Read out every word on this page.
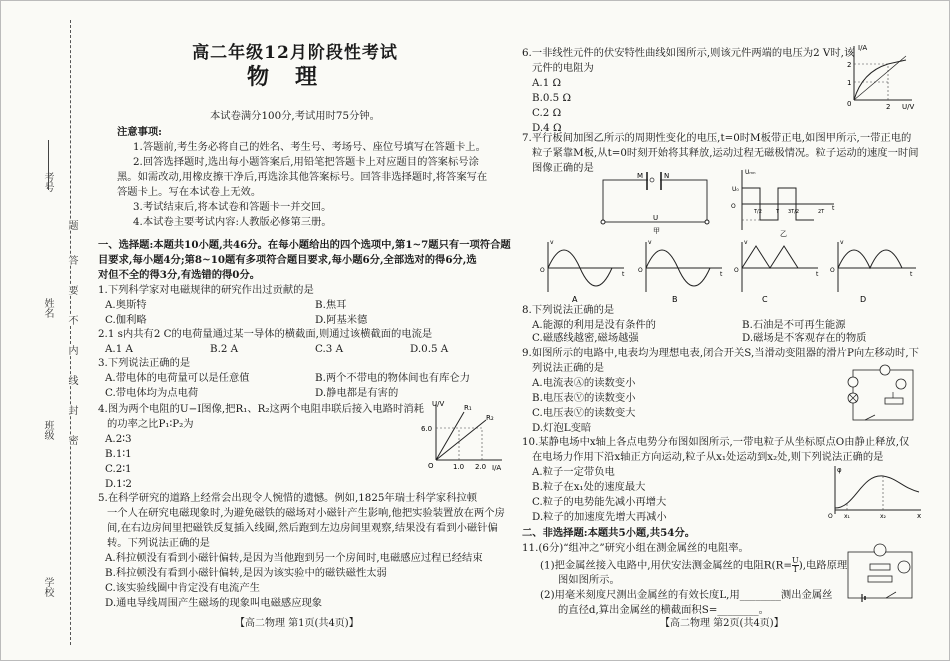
考号
姓名
班级
学校
题
答
要
不
内
线
封
密
高二年级12月阶段性考试
物理
本试卷满分100分,考试用时75分钟。
注意事项:
1.答题前,考生务必将自己的姓名、考生号、考场号、座位号填写在答题卡上。
2.回答选择题时,选出每小题答案后,用铅笔把答题卡上对应题目的答案标号涂
黑。如需改动,用橡皮擦干净后,再选涂其他答案标号。回答非选择题时,将答案写在
答题卡上。写在本试卷上无效。
3.考试结束后,将本试卷和答题卡一并交回。
4.本试卷主要考试内容:人教版必修第三册。
一、选择题:本题共10小题,共46分。在每小题给出的四个选项中,第1~7题只有一项符合题
目要求,每小题4分;第8~10题有多项符合题目要求,每小题6分,全部选对的得6分,选
对但不全的得3分,有选错的得0分。
1.下列科学家对电磁规律的研究作出过贡献的是
A.奥斯特	B.焦耳
C.伽利略	D.阿基米德
2.1 s内共有2 C的电荷量通过某一导体的横截面,则通过该横截面的电流是
A.1 A	B.2 A	C.3 A	D.0.5 A
3.下列说法正确的是
A.带电体的电荷量可以是任意值	B.两个不带电的物体间也有库仑力
C.带电体均为点电荷	D.静电都是有害的
4.图为两个电阻的U−I图像,把R₁、R₂这两个电阻串联后接入电路时消耗
的功率之比P₁∶P₂为
A.2∶3
B.1∶1
C.2∶1
D.1∶2
U/V
I/A
6.0
1.0 2.0
O
R₁
R₂
5.在科学研究的道路上经常会出现令人惋惜的遗憾。例如,1825年瑞士科学家科拉顿
一个人在研究电磁现象时,为避免磁铁的磁场对小磁针产生影响,他把实验装置放在两个房
间,在右边房间里把磁铁反复插入线圈,然后跑到左边房间里观察,结果没有看到小磁针偏
转。下列说法正确的是
A.科拉顿没有看到小磁针偏转,是因为当他跑到另一个房间时,电磁感应过程已经结束
B.科拉顿没有看到小磁针偏转,是因为该实验中的磁铁磁性太弱
C.该实验线圈中肯定没有电流产生
D.通电导线周围产生磁场的现象叫电磁感应现象
【高二物理 第1页(共4页)】
6.一非线性元件的伏安特性曲线如图所示,则该元件两端的电压为2 V时,该
元件的电阻为
A.1 Ω
B.0.5 Ω
C.2 Ω
D.4 Ω
I/A
U/V
2
1
2
0
7.平行板间加图乙所示的周期性变化的电压,t=0时M板带正电,如图甲所示,一带正电的
粒子紧靠M板,从t=0时刻开始将其释放,运动过程无磁极情况。粒子运动的速度一时间
图像正确的是
M	N
U
甲
Uₘₙ
U₀
O
T/2	T 3T/2	2T t
乙
v
O
t
A
v
O
t
B
v
O
t
C
v
O
t
D
8.下列说法正确的是
A.能源的利用是没有条件的	B.石油是不可再生能源
C.磁感线越密,磁场越强	D.磁场是不客观存在的物质
9.如图所示的电路中,电表均为理想电表,闭合开关S,当滑动变阻器的滑片P向左移动时,下
列说法正确的是
A.电流表Ⓐ的读数变小
B.电压表Ⓥ的读数变小
C.电压表Ⓥ的读数变大
D.灯泡L变暗
10.某静电场中x轴上各点电势分布图如图所示,一带电粒子从坐标原点O由静止释放,仅
在电场力作用下沿x轴正方向运动,粒子从x₁处运动到x₂处,则下列说法正确的是
A.粒子一定带负电
B.粒子在x₁处的速度最大
C.粒子的电势能先减小再增大
D.粒子的加速度先增大再减小
φ
x
O x₁	x₂
二、非选择题:本题共5小题,共54分。
11.(6分)“组冲之”研究小组在测金属丝的电阻率。
(1)把金属丝接入电路中,用伏安法测金属丝的电阻$R(R= \frac{U}{I}$ ),电路原理
图如图所示。
(2)用毫米刻度尺测出金属丝的有效长度L,用________测出金属丝
的直径d,算出金属丝的横截面积S=________。
【高二物理 第2页(共4页)】
